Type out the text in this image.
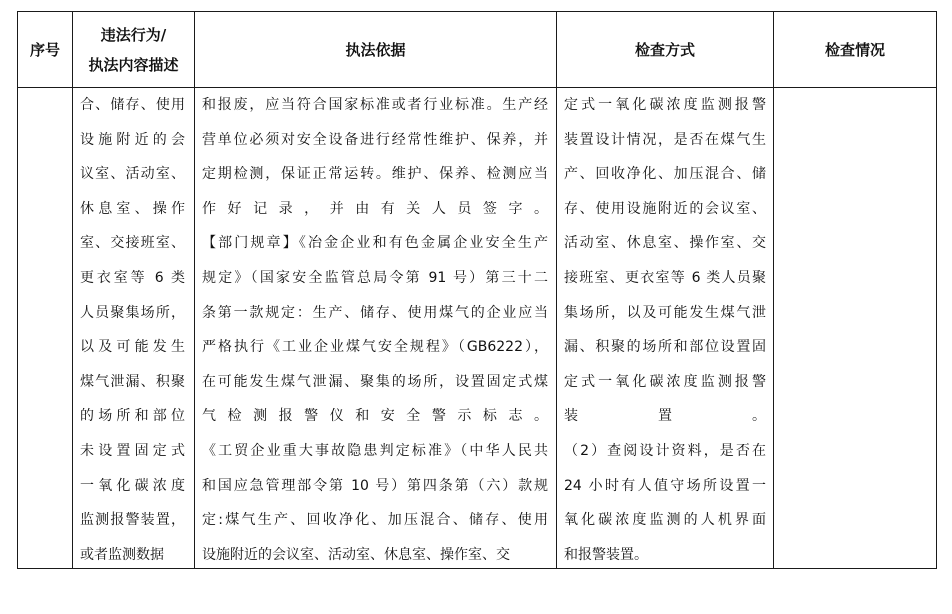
序号
违法行为/
执法内容描述
执法依据	检查方式	检查情况
合、储存、使用
设施附近的会
议室、活动室、
休息室、操作
室、交接班室、
更衣室等 6 类
人员聚集场所，
以及可能发生
煤气泄漏、积聚
的场所和部位
未设置固定式
一氧化碳浓度
监测报警装置，
或者监测数据
和报废，应当符合国家标准或者行业标准。生产经
营单位必须对安全设备进行经常性维护、保养，并
定期检测，保证正常运转。维护、保养、检测应当
作好记录，并由有关人员签字。
【部门规章】《冶金企业和有色金属企业安全生产
规定》（国家安全监管总局令第 91 号）第三十二
条第一款规定：生产、储存、使用煤气的企业应当
严格执行《工业企业煤气安全规程》（GB6222），
在可能发生煤气泄漏、聚集的场所，设置固定式煤
气检测报警仪和安全警示标志。
《工贸企业重大事故隐患判定标准》（中华人民共
和国应急管理部令第 10 号）第四条第（六）款规
定:煤气生产、回收净化、加压混合、储存、使用
设施附近的会议室、活动室、休息室、操作室、交
定式一氧化碳浓度监测报警
装置设计情况，是否在煤气生
产、回收净化、加压混合、储
存、使用设施附近的会议室、
活动室、休息室、操作室、交
接班室、更衣室等 6 类人员聚
集场所，以及可能发生煤气泄
漏、积聚的场所和部位设置固
定式一氧化碳浓度监测报警
装置。
（2）查阅设计资料，是否在
24 小时有人值守场所设置一
氧化碳浓度监测的人机界面
和报警装置。
